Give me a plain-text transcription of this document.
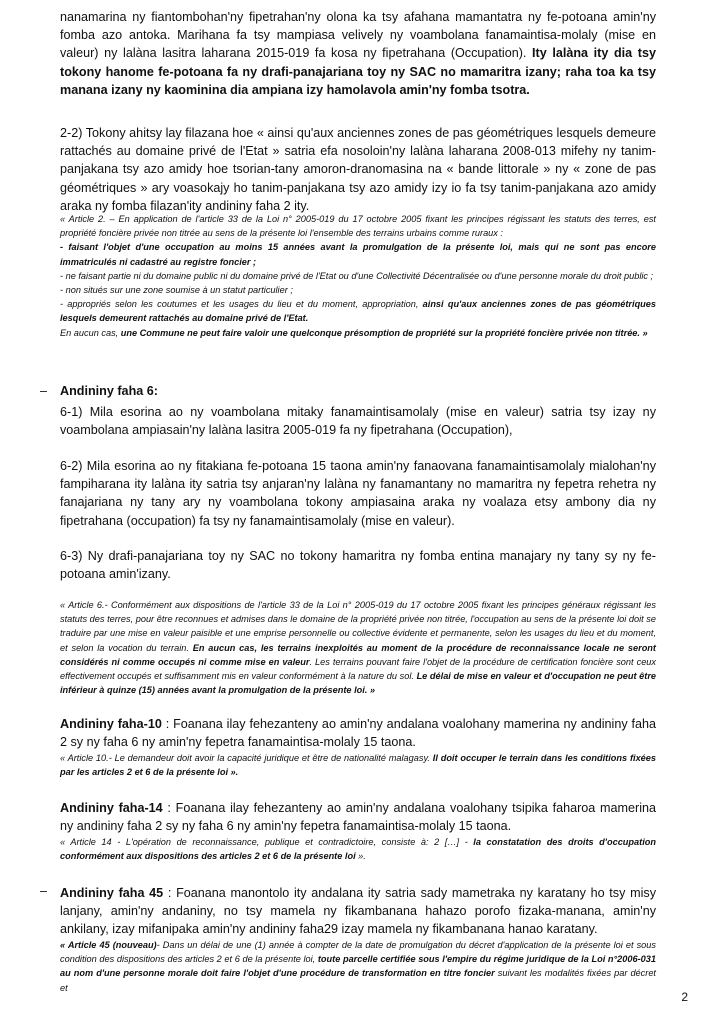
nanamarina ny fiantombohan'ny fipetrahan'ny olona ka tsy afahana mamantatra ny fe-potoana amin'ny fomba azo antoka. Marihana fa tsy mampiasa velively ny voambolana fanamaintisa-molaly (mise en valeur) ny lalàna lasitra laharana 2015-019 fa kosa ny fipetrahana (Occupation). Ity lalàna ity dia tsy tokony hanome fe-potoana fa ny drafi-panajariana toy ny SAC no mamaritra izany; raha toa ka tsy manana izany ny kaominina dia ampiana izy hamolavola amin'ny fomba tsotra.
2-2) Tokony ahitsy lay filazana hoe « ainsi qu'aux anciennes zones de pas géométriques lesquels demeure rattachés au domaine privé de l'Etat » satria efa nosoloin'ny lalàna laharana 2008-013 mifehy ny tanim-panjakana tsy azo amidy hoe tsorian-tany amoron-dranomasina na « bande littorale » ny « zone de pas géométriques » ary voasokajy ho tanim-panjakana tsy azo amidy izy io fa tsy tanim-panjakana azo amidy araka ny fomba filazan'ity andininy faha 2 ity.

« Article 2. – En application de l'article 33 de la Loi n° 2005-019 du 17 octobre 2005 fixant les principes régissant les statuts des terres, est propriété foncière privée non titrée au sens de la présente loi l'ensemble des terrains urbains comme ruraux :

- faisant l'objet d'une occupation au moins 15 années avant la promulgation de la présente loi, mais qui ne sont pas encore immatriculés ni cadastré au registre foncier ;

- ne faisant partie ni du domaine public ni du domaine privé de l'Etat ou d'une Collectivité Décentralisée ou d'une personne morale du droit public ;

- non situés sur une zone soumise à un statut particulier ;

- appropriés selon les coutumes et les usages du lieu et du moment, appropriation, ainsi qu'aux anciennes zones de pas géométriques lesquels demeurent rattachés au domaine privé de l'Etat.

En aucun cas, une Commune ne peut faire valoir une quelconque présomption de propriété sur la propriété foncière privée non titrée. »

– Andininy faha 6:
6-1) Mila esorina ao ny voambolana mitaky fanamaintisamolaly (mise en valeur) satria tsy izay ny voambolana ampiasain'ny lalàna lasitra 2005-019 fa ny fipetrahana (Occupation),
6-2) Mila esorina ao ny fitakiana fe-potoana 15 taona amin'ny fanaovana fanamaintisamolaly mialohan'ny fampiharana ity lalàna ity satria tsy anjaran'ny lalàna ny fanamantany no mamaritra ny fepetra rehetra ny fanajariana ny tany ary ny voambolana tokony ampiasaina araka ny voalaza etsy ambony dia ny fipetrahana (occupation) fa tsy ny fanamaintisamolaly (mise en valeur).
6-3) Ny drafi-panajariana toy ny SAC no tokony hamaritra ny fomba entina manajary ny tany sy ny fe-potoana amin'izany.
« Article 6.- Conformément aux dispositions de l'article 33 de la Loi n° 2005-019 du 17 octobre 2005 fixant les principes généraux régissant les statuts des terres, pour être reconnues et admises dans le domaine de la propriété privée non titrée, l'occupation au sens de la présente loi doit se traduire par une mise en valeur paisible et une emprise personnelle ou collective évidente et permanente, selon les usages du lieu et du moment, et selon la vocation du terrain. En aucun cas, les terrains inexploités au moment de la procédure de reconnaissance locale ne seront considérés ni comme occupés ni comme mise en valeur. Les terrains pouvant faire l'objet de la procédure de certification foncière sont ceux effectivement occupés et suffisamment mis en valeur conformément à la nature du sol. Le délai de mise en valeur et d'occupation ne peut être inférieur à quinze (15) années avant la promulgation de la présente loi. »
Andininy faha-10 : Foanana ilay fehezanteny ao amin'ny andalana voalohany mamerina ny andininy faha 2 sy ny faha 6 ny amin'ny fepetra fanamaintisa-molaly 15 taona.
« Article 10.- Le demandeur doit avoir la capacité juridique et être de nationalité malagasy. Il doit occuper le terrain dans les conditions fixées par les articles 2 et 6 de la présente loi ».
Andininy faha-14 : Foanana ilay fehezanteny ao amin'ny andalana voalohany tsipika faharoa mamerina ny andininy faha 2 sy ny faha 6 ny amin'ny fepetra fanamaintisa-molaly 15 taona.
« Article 14 - L'opération de reconnaissance, publique et contradictoire, consiste à: 2 […] - la constatation des droits d'occupation conformément aux dispositions des articles 2 et 6 de la présente loi ».
– Andininy faha 45 : Foanana manontolo ity andalana ity satria sady mametraka ny karatany ho tsy misy lanjany, amin'ny andaniny, no tsy mamela ny fikambanana hahazo porofo fizaka-manana, amin'ny ankilany, izay mifanipaka amin'ny andininy faha29 izay mamela ny fikambanana hanao karatany.
« Article 45 (nouveau)- Dans un délai de une (1) année à compter de la date de promulgation du décret d'application de la présente loi et sous condition des dispositions des articles 2 et 6 de la présente loi, toute parcelle certifiée sous l'empire du régime juridique de la Loi n°2006-031 au nom d'une personne morale doit faire l'objet d'une procédure de transformation en titre foncier suivant les modalités fixées par décret et
2
